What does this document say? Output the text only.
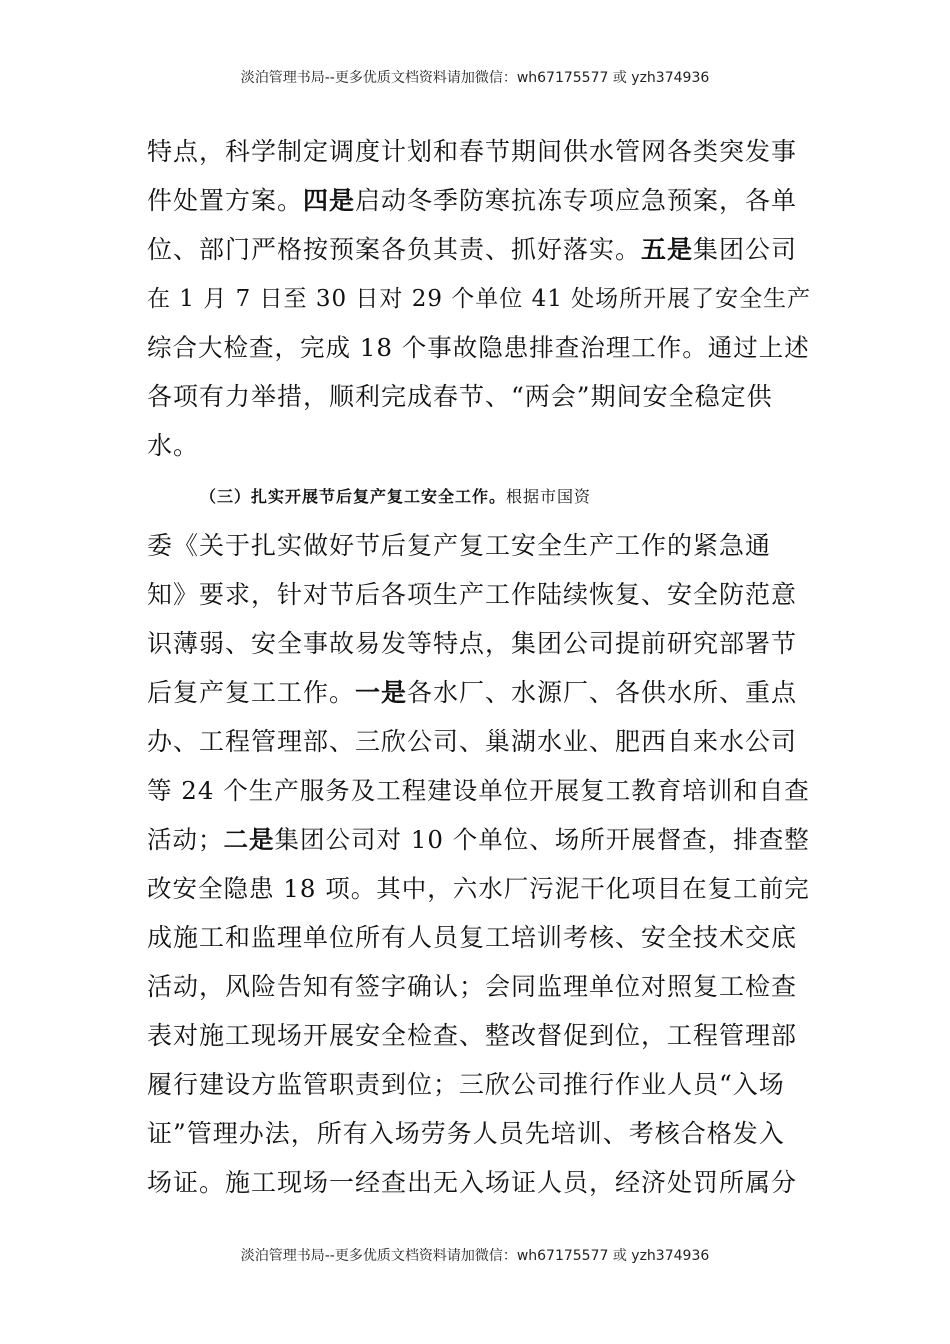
淡泊管理书局--更多优质文档资料请加微信：wh67175577 或 yzh374936
特点，科学制定调度计划和春节期间供水管网各类突发事
件处置方案。四是启动冬季防寒抗冻专项应急预案，各单
位、部门严格按预案各负其责、抓好落实。五是集团公司
在 1 月 7 日至 30 日对 29 个单位 41 处场所开展了安全生产
综合大检查，完成 18 个事故隐患排查治理工作。通过上述
各项有力举措，顺利完成春节、“两会”期间安全稳定供
水。
（三）扎实开展节后复产复工安全工作。根据市国资
委《关于扎实做好节后复产复工安全生产工作的紧急通
知》要求，针对节后各项生产工作陆续恢复、安全防范意
识薄弱、安全事故易发等特点，集团公司提前研究部署节
后复产复工工作。一是各水厂、水源厂、各供水所、重点
办、工程管理部、三欣公司、巢湖水业、肥西自来水公司
等 24 个生产服务及工程建设单位开展复工教育培训和自查
活动；二是集团公司对 10 个单位、场所开展督查，排查整
改安全隐患 18 项。其中，六水厂污泥干化项目在复工前完
成施工和监理单位所有人员复工培训考核、安全技术交底
活动，风险告知有签字确认；会同监理单位对照复工检查
表对施工现场开展安全检查、整改督促到位，工程管理部
履行建设方监管职责到位；三欣公司推行作业人员“入场
证”管理办法，所有入场劳务人员先培训、考核合格发入
场证。施工现场一经查出无入场证人员，经济处罚所属分
淡泊管理书局--更多优质文档资料请加微信：wh67175577 或 yzh374936
